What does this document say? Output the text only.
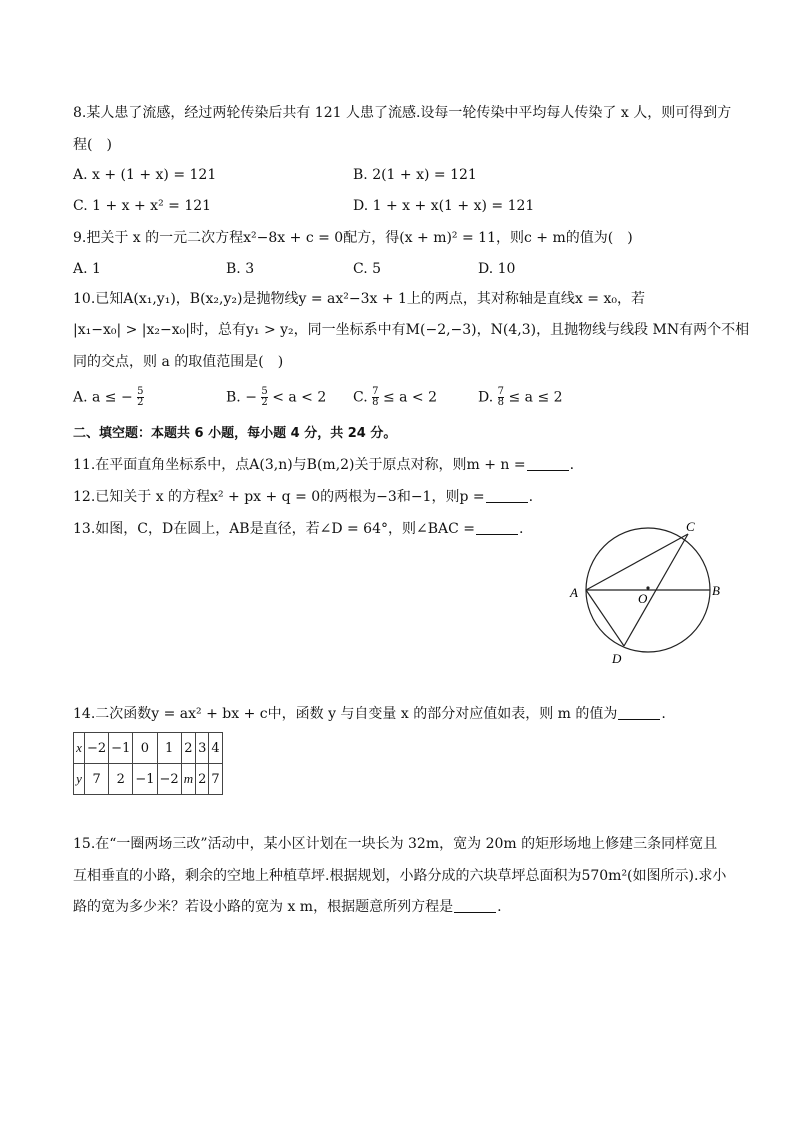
8.某人患了流感，经过两轮传染后共有 121 人患了流感.设每一轮传染中平均每人传染了 x 人，则可得到方
程(　)
A. x + (1 + x) = 121	B. 2(1 + x) = 121
C. 1 + x + x² = 121	D. 1 + x + x(1 + x) = 121
9.把关于 x 的一元二次方程x²−8x + c = 0配方，得(x + m)² = 11，则c + m的值为(　)
A. 1	B. 3	C. 5	D. 10
10.已知A(x₁,y₁)，B(x₂,y₂)是抛物线y = ax²−3x + 1上的两点，其对称轴是直线x = x₀，若
|x₁−x₀| > |x₂−x₀|时，总有y₁ > y₂，同一坐标系中有M(−2,−3)，N(4,3)，且抛物线与线段 MN有两个不相
同的交点，则 a 的取值范围是(　)
A. a ≤ − $\frac{5}{2}$	B. − $\frac{5}{2} < a < 2$ C. $\frac{7}{8} \le a < 2$	D. $\frac{7}{8} \le a \le 2$
二、填空题：本题共 6 小题，每小题 4 分，共 24 分。
11.在平面直角坐标系中，点A(3,n)与B(m,2)关于原点对称，则m + n =	.
12.已知关于 x 的方程x² + px + q = 0的两根为−3和−1，则p =	.
13.如图，C，D在圆上，AB是直径，若∠D = 64°，则∠BAC =	.
A	B
C
D
O
14.二次函数y = ax² + bx + c中，函数 y 与自变量 x 的部分对应值如表，则 m 的值为	.
x	−2	−1	0	1	2	3	4
y	7	2	−1	−2	m	2	7
15.在“一圈两场三改”活动中，某小区计划在一块长为 32m，宽为 20m 的矩形场地上修建三条同样宽且
互相垂直的小路，剩余的空地上种植草坪.根据规划，小路分成的六块草坪总面积为570m²(如图所示).求小
路的宽为多少米？若设小路的宽为 x m，根据题意所列方程是	.
